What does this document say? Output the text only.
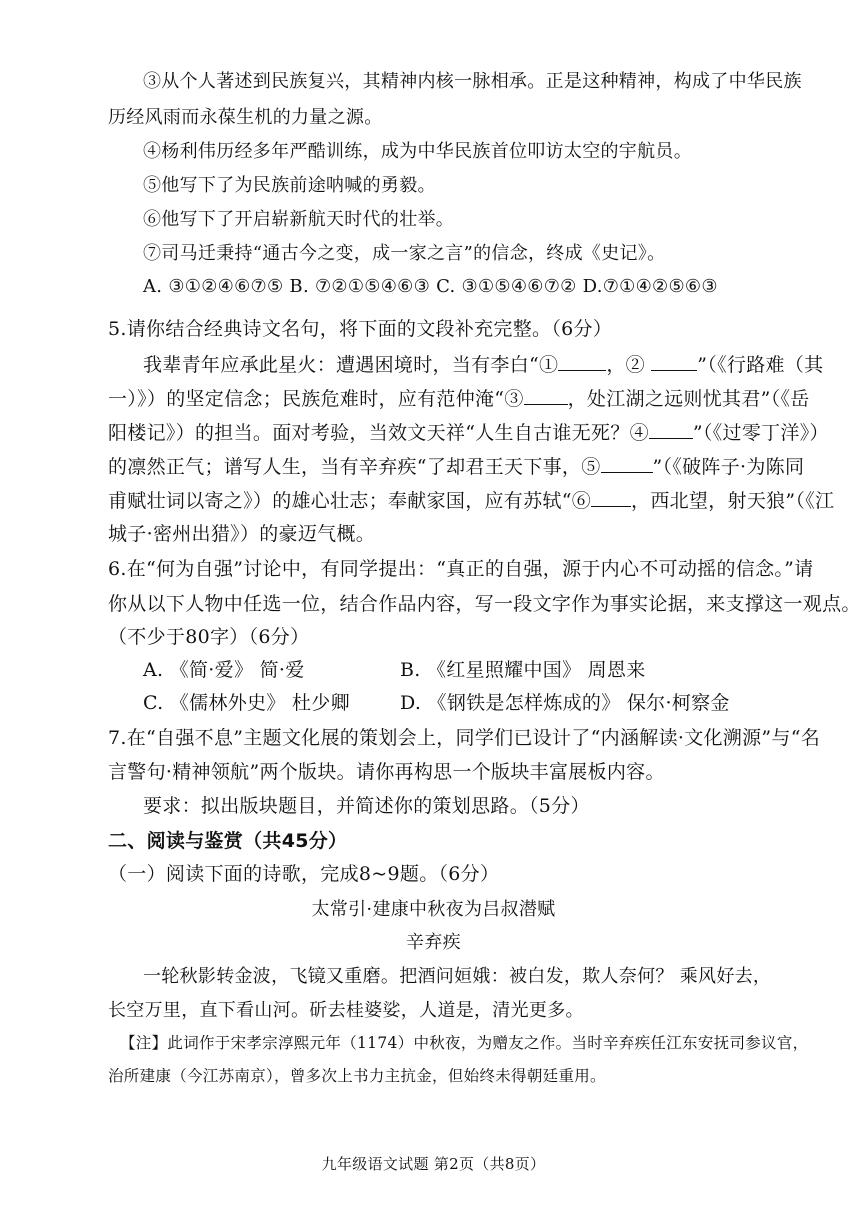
③从个人著述到民族复兴，其精神内核一脉相承。正是这种精神，构成了中华民族
历经风雨而永葆生机的力量之源。
④杨利伟历经多年严酷训练，成为中华民族首位叩访太空的宇航员。
⑤他写下了为民族前途呐喊的勇毅。
⑥他写下了开启崭新航天时代的壮举。
⑦司马迁秉持“通古今之变，成一家之言”的信念，终成《史记》。
A. ③①②④⑥⑦⑤ B. ⑦②①⑤④⑥③ C. ③①⑤④⑥⑦② D.⑦①④②⑤⑥③
5.请你结合经典诗文名句，将下面的文段补充完整。（6分）
我辈青年应承此星火：遭遇困境时，当有李白“①	，②	”（《行路难（其
一）》）的坚定信念；民族危难时，应有范仲淹“③ ，处江湖之远则忧其君”（《岳
阳楼记》）的担当。面对考验，当效文天祥“人生自古谁无死？④ ”（《过零丁洋》）
的凛然正气；谱写人生，当有辛弃疾“了却君王天下事，⑤	”（《破阵子·为陈同
甫赋壮词以寄之》）的雄心壮志；奉献家国，应有苏轼“⑥ ，西北望，射天狼”（《江
城子·密州出猎》）的豪迈气概。
6.在“何为自强”讨论中，有同学提出：“真正的自强，源于内心不可动摇的信念。”请
你从以下人物中任选一位，结合作品内容，写一段文字作为事实论据，来支撑这一观点。
（不少于80字）（6分）
A. 《简·爱》 简·爱	B. 《红星照耀中国》 周恩来
C. 《儒林外史》 杜少卿	D. 《钢铁是怎样炼成的》 保尔·柯察金
7.在“自强不息”主题文化展的策划会上，同学们已设计了“内涵解读·文化溯源”与“名
言警句·精神领航”两个版块。请你再构思一个版块丰富展板内容。
要求：拟出版块题目，并简述你的策划思路。（5分）
二、阅读与鉴赏（共45分）
（一）阅读下面的诗歌，完成8~9题。（6分）
太常引·建康中秋夜为吕叔潜赋
辛弃疾
一轮秋影转金波，飞镜又重磨。把酒问姮娥：被白发，欺人奈何？ 乘风好去，
长空万里，直下看山河。斫去桂婆娑，人道是，清光更多。
【注】此词作于宋孝宗淳熙元年（1174）中秋夜，为赠友之作。当时辛弃疾任江东安抚司参议官，
治所建康（今江苏南京），曾多次上书力主抗金，但始终未得朝廷重用。
九年级语文试题 第2页（共8页）
